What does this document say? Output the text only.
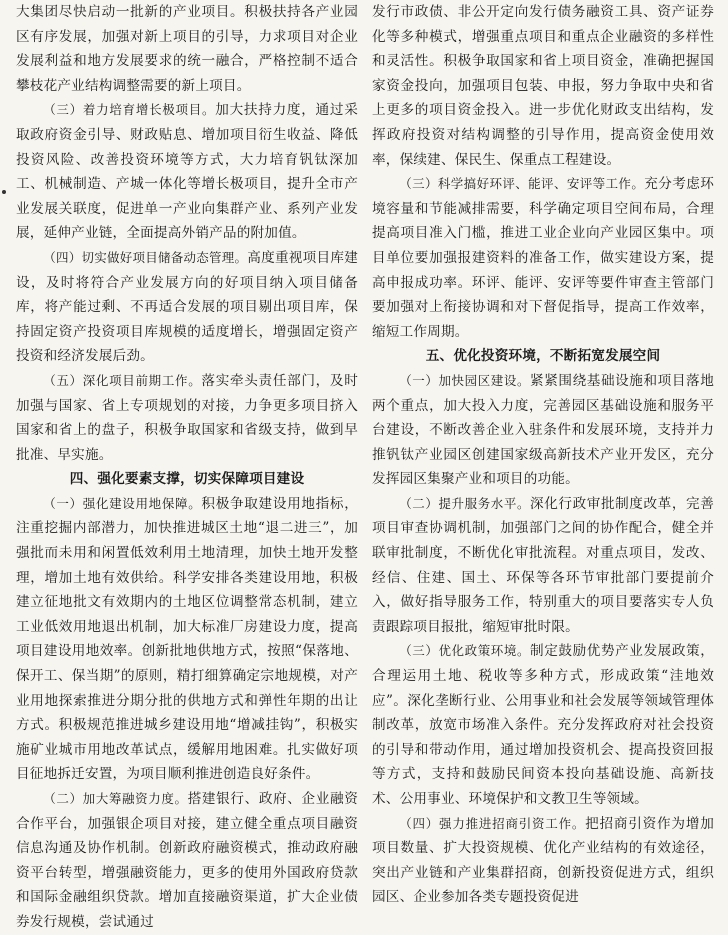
大集团尽快启动一批新的产业项目。积极扶持各产业园区有序发展，加强对新上项目的引导，力求项目对企业发展利益和地方发展要求的统一融合，严格控制不适合攀枝花产业结构调整需要的新上项目。

（三）着力培育增长极项目。加大扶持力度，通过采取政府资金引导、财政贴息、增加项目衍生收益、降低投资风险、改善投资环境等方式，大力培育钒钛深加工、机械制造、产城一体化等增长极项目，提升全市产业发展关联度，促进单一产业向集群产业、系列产业发展，延伸产业链，全面提高外销产品的附加值。

（四）切实做好项目储备动态管理。高度重视项目库建设，及时将符合产业发展方向的好项目纳入项目储备库，将产能过剩、不再适合发展的项目剔出项目库，保持固定资产投资项目库规模的适度增长，增强固定资产投资和经济发展后劲。

（五）深化项目前期工作。落实牵头责任部门，及时加强与国家、省上专项规划的对接，力争更多项目挤入国家和省上的盘子，积极争取国家和省级支持，做到早批准、早实施。

四、强化要素支撑，切实保障项目建设

（一）强化建设用地保障。积极争取建设用地指标，注重挖掘内部潜力，加快推进城区土地“退二进三”，加强批而未用和闲置低效利用土地清理，加快土地开发整理，增加土地有效供给。科学安排各类建设用地，积极建立征地批文有效期内的土地区位调整常态机制，建立工业低效用地退出机制，加大标准厂房建设力度，提高项目建设用地效率。创新批地供地方式，按照“保落地、保开工、保当期”的原则，精打细算确定宗地规模，对产业用地探索推进分期分批的供地方式和弹性年期的出让方式。积极规范推进城乡建设用地“增减挂钩”，积极实施矿业城市用地改革试点，缓解用地困难。扎实做好项目征地拆迁安置，为项目顺利推进创造良好条件。

（二）加大筹融资力度。搭建银行、政府、企业融资合作平台，加强银企项目对接，建立健全重点项目融资信息沟通及协作机制。创新政府融资模式，推动政府融资平台转型，增强融资能力，更多的使用外国政府贷款和国际金融组织贷款。增加直接融资渠道，扩大企业债券发行规模，尝试通过

发行市政债、非公开定向发行债务融资工具、资产证券化等多种模式，增强重点项目和重点企业融资的多样性和灵活性。积极争取国家和省上项目资金，准确把握国家资金投向，加强项目包装、申报，努力争取中央和省上更多的项目资金投入。进一步优化财政支出结构，发挥政府投资对结构调整的引导作用，提高资金使用效率，保续建、保民生、保重点工程建设。

（三）科学搞好环评、能评、安评等工作。充分考虑环境容量和节能减排需要，科学确定项目空间布局，合理提高项目准入门槛，推进工业企业向产业园区集中。项目单位要加强报建资料的准备工作，做实建设方案，提高申报成功率。环评、能评、安评等要件审查主管部门要加强对上衔接协调和对下督促指导，提高工作效率，缩短工作周期。

五、优化投资环境，不断拓宽发展空间

（一）加快园区建设。紧紧围绕基础设施和项目落地两个重点，加大投入力度，完善园区基础设施和服务平台建设，不断改善企业入驻条件和发展环境，支持并力推钒钛产业园区创建国家级高新技术产业开发区，充分发挥园区集聚产业和项目的功能。

（二）提升服务水平。深化行政审批制度改革，完善项目审查协调机制，加强部门之间的协作配合，健全并联审批制度，不断优化审批流程。对重点项目，发改、经信、住建、国土、环保等各环节审批部门要提前介入，做好指导服务工作，特别重大的项目要落实专人负责跟踪项目报批，缩短审批时限。

（三）优化政策环境。制定鼓励优势产业发展政策，合理运用土地、税收等多种方式，形成政策“洼地效应”。深化垄断行业、公用事业和社会发展等领域管理体制改革，放宽市场准入条件。充分发挥政府对社会投资的引导和带动作用，通过增加投资机会、提高投资回报等方式，支持和鼓励民间资本投向基础设施、高新技术、公用事业、环境保护和文教卫生等领域。

（四）强力推进招商引资工作。把招商引资作为增加项目数量、扩大投资规模、优化产业结构的有效途径，突出产业链和产业集群招商，创新投资促进方式，组织园区、企业参加各类专题投资促进
